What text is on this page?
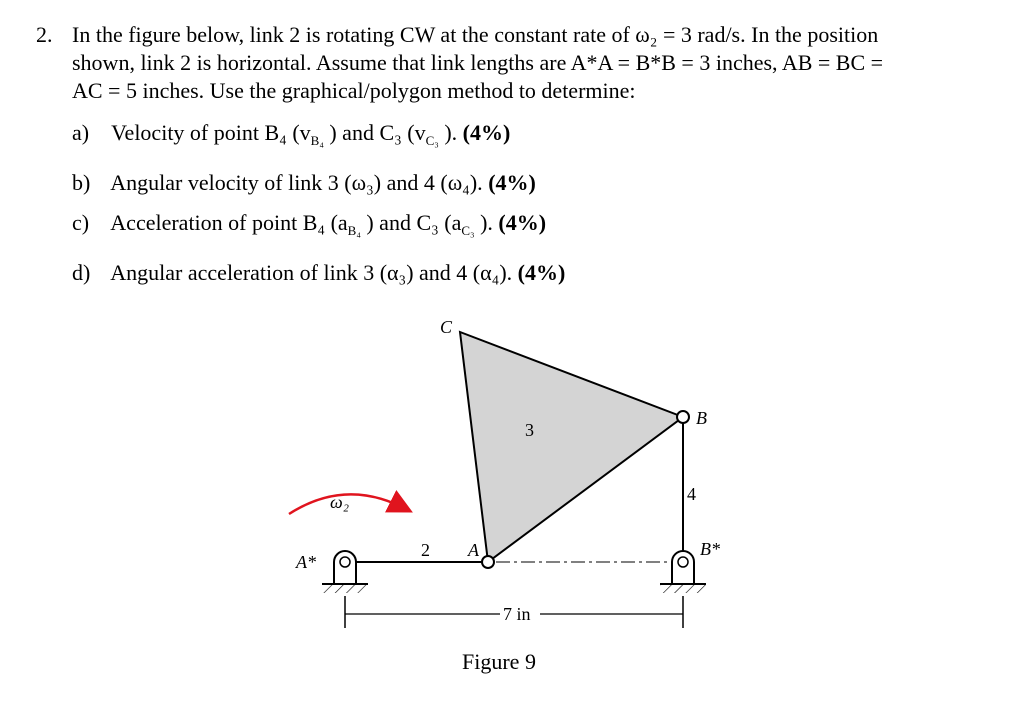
2. In the figure below, link 2 is rotating CW at the constant rate of ω₂ = 3 rad/s. In the position
shown, link 2 is horizontal. Assume that link lengths are A*A = B*B = 3 inches, AB = BC =
AC = 5 inches. Use the graphical/polygon method to determine:
a) Velocity of point B₄ ($v_{B_4}$ ) and C₃ ($v_{C_3}$ ). (4%)
b) Angular velocity of link 3 (ω₃) and 4 (ω₄). (4%)
c) Acceleration of point B₄ ($a_{B_4}$ ) and C₃ ($a_{C_3}$ ). (4%)
d) Angular acceleration of link 3 (α₃) and 4 (α₄). (4%)
C
B
A
A*
B*
2
3
4
ω₂
7 in
Figure 9
